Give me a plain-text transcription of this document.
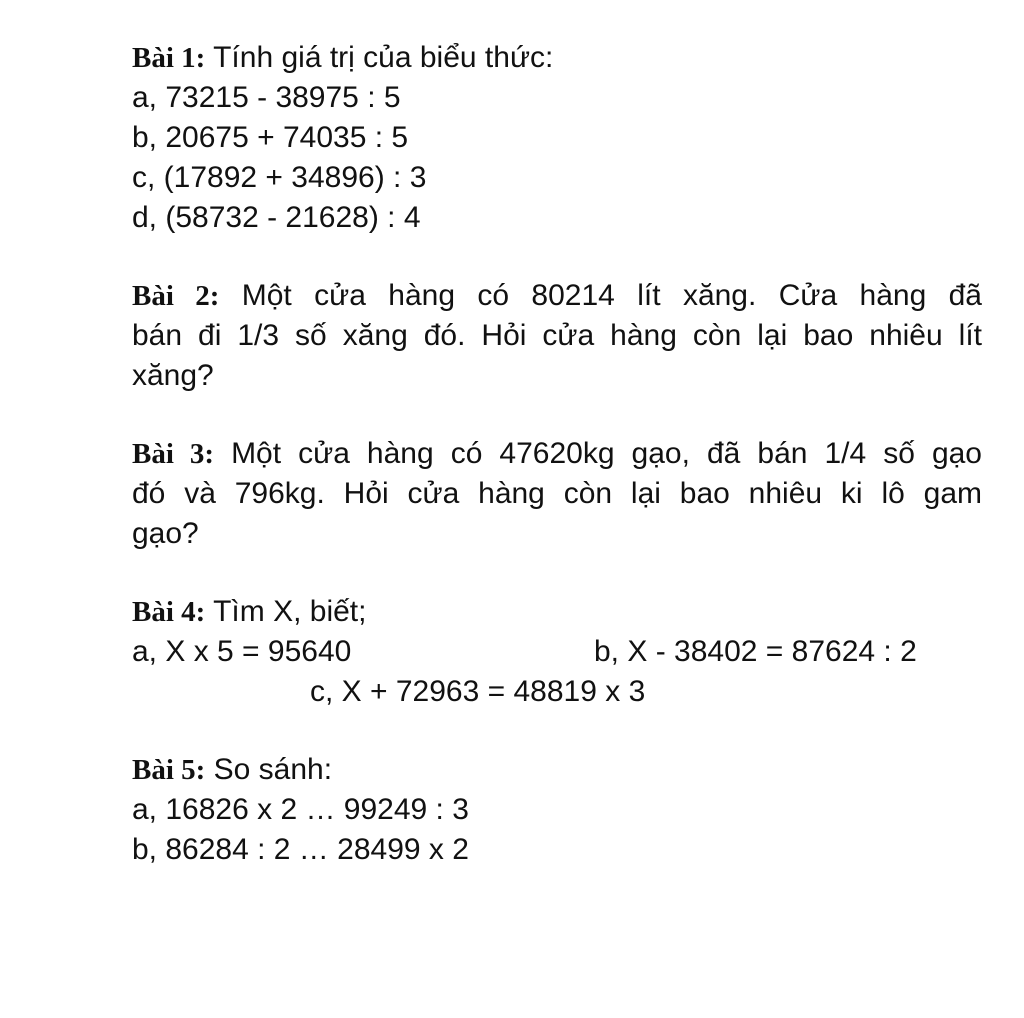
Bài 1: Tính giá trị của biểu thức:
a, 73215 - 38975 : 5
b, 20675 + 74035 : 5
c, (17892 + 34896) : 3
d, (58732 - 21628) : 4
Bài 2: Một cửa hàng có 80214 lít xăng. Cửa hàng đã
bán đi 1/3 số xăng đó. Hỏi cửa hàng còn lại bao nhiêu lít
xăng?
Bài 3: Một cửa hàng có 47620kg gạo, đã bán 1/4 số gạo
đó và 796kg. Hỏi cửa hàng còn lại bao nhiêu ki lô gam
gạo?
Bài 4: Tìm X, biết;
a, X x 5 = 95640	b, X - 38402 = 87624 : 2
c, X + 72963 = 48819 x 3
Bài 5: So sánh:
a, 16826 x 2 … 99249 : 3
b, 86284 : 2 … 28499 x 2
